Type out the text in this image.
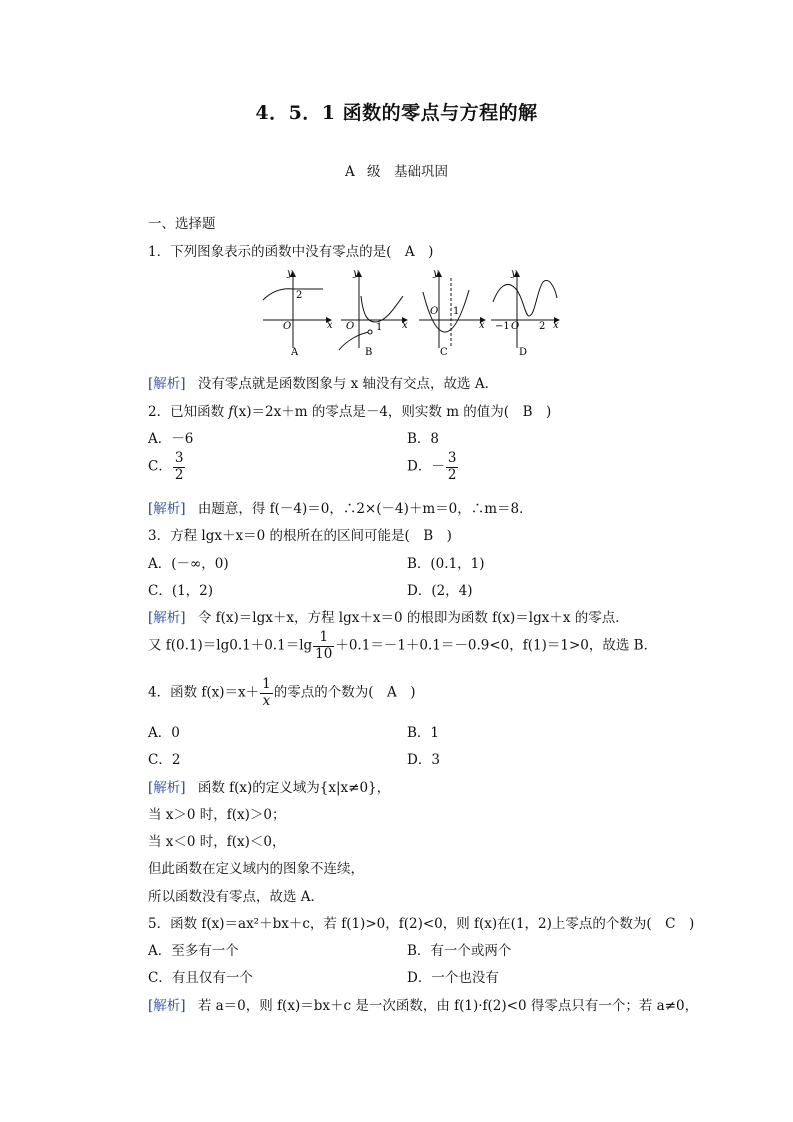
4．5．1 函数的零点与方程的解
A 级　基础巩固
一、选择题
1．下列图象表示的函数中没有零点的是(　A　)
y
x
O
2
A
y
x
O 1
B
y
x
O 1
C
y
x
−1 O 2
D
[解析] 没有零点就是函数图象与 x 轴没有交点，故选 A．
2．已知函数 f(x)＝2x＋m 的零点是－4，则实数 m 的值为(　B　)
A．－6	B．8
C． $\frac{3}{2}$	D．－ $\frac{3}{2}$
[解析] 由题意，得 f(－4)＝0，∴2×(－4)＋m＝0，∴m＝8．
3．方程 lgx＋x＝0 的根所在的区间可能是(　B　)
A．(－∞，0)	B．(0.1，1)
C．(1，2)	D．(2，4)
[解析] 令 f(x)＝lgx＋x，方程 lgx＋x＝0 的根即为函数 f(x)＝lgx＋x 的零点．
又 $f(0.1)=\lg 0.1+0.1=\lg \frac{1}{10} +0.1=-1+0.1=-0.9<0$，f(1)＝1>0，故选 B．
4．函数 $f(x)=x+ \frac{1}{x}$ 的零点的个数为(　A　)
A．0	B．1
C．2	D．3
[解析] 函数 f(x)的定义域为{x|x≠0}，
当 x＞0 时，f(x)＞0；
当 x＜0 时，f(x)＜0，
但此函数在定义域内的图象不连续，
所以函数没有零点，故选 A．
5．函数 f(x)＝ax²＋bx＋c，若 f(1)>0，f(2)<0，则 f(x)在(1，2)上零点的个数为(　C　)
A．至多有一个	B．有一个或两个
C．有且仅有一个	D．一个也没有
[解析] 若 a＝0，则 f(x)＝bx＋c 是一次函数，由 f(1)·f(2)<0 得零点只有一个；若 a≠0，
